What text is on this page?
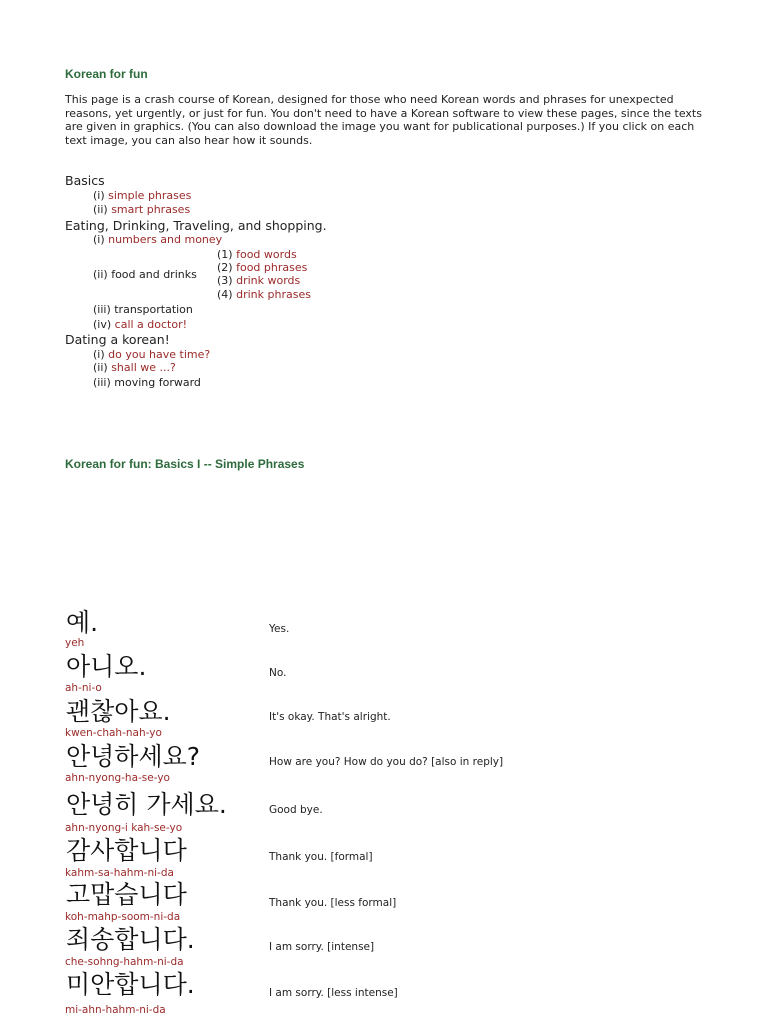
Korean for fun
This page is a crash course of Korean, designed for those who need Korean words and phrases for unexpected reasons, yet urgently, or just for fun. You don't need to have a Korean software to view these pages, since the texts are given in graphics. (You can also download the image you want for publicational purposes.) If you click on each text image, you can also hear how it sounds.
Basics
(i) simple phrases
(ii) smart phrases
Eating, Drinking, Traveling, and shopping.
(i) numbers and money
(ii) food and drinks
(1) food words
(2) food phrases
(3) drink words
(4) drink phrases
(iii) transportation
(iv) call a doctor!
Dating a korean!
(i) do you have time?
(ii) shall we ...?
(iii) moving forward
Korean for fun: Basics I -- Simple Phrases
예.
yeh
Yes.
아니오.
ah-ni-o
No.
괜찮아요.
kwen-chah-nah-yo
It's okay. That's alright.
안녕하세요?
ahn-nyong-ha-se-yo
How are you? How do you do? [also in reply]
안녕히 가세요.
ahn-nyong-i kah-se-yo
Good bye.
감사합니다
kahm-sa-hahm-ni-da
Thank you. [formal]
고맙습니다
koh-mahp-soom-ni-da
Thank you. [less formal]
죄송합니다.
che-sohng-hahm-ni-da
I am sorry. [intense]
미안합니다.
mi-ahn-hahm-ni-da
I am sorry. [less intense]
